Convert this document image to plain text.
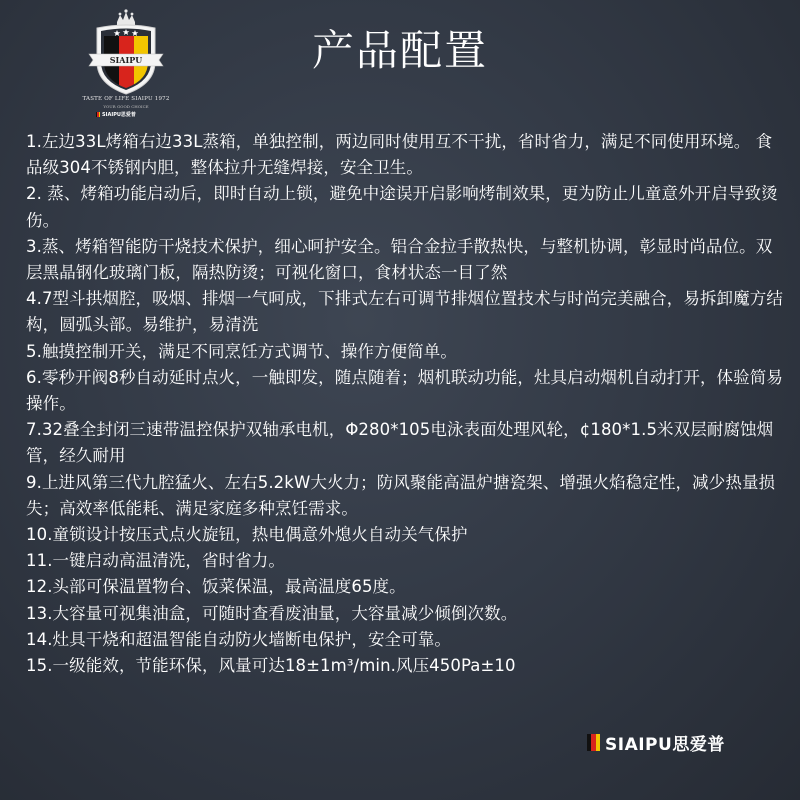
SIAIPU
TASTE OF LIFE SIAIPU 1972
YOUR GOOD CHOICE
SIAIPU思爱普
产品配置
1.左边33L烤箱右边33L蒸箱，单独控制，两边同时使用互不干扰，省时省力，满足不同使用环境。 食品级304不锈钢内胆，整体拉升无缝焊接，安全卫生。
2. 蒸、烤箱功能启动后，即时自动上锁，避免中途误开启影响烤制效果，更为防止儿童意外开启导致烫伤。
3.蒸、烤箱智能防干烧技术保护，细心呵护安全。铝合金拉手散热快，与整机协调，彰显时尚品位。双层黑晶钢化玻璃门板，隔热防烫；可视化窗口，食材状态一目了然
4.7型斗拱烟腔，吸烟、排烟一气呵成，下排式左右可调节排烟位置技术与时尚完美融合，易拆卸魔方结构，圆弧头部。易维护，易清洗
5.触摸控制开关，满足不同烹饪方式调节、操作方便简单。
6.零秒开阀8秒自动延时点火，一触即发，随点随着；烟机联动功能，灶具启动烟机自动打开，体验简易操作。
7.32叠全封闭三速带温控保护双轴承电机，Φ280*105电泳表面处理风轮，¢180*1.5米双层耐腐蚀烟管，经久耐用
9.上进风第三代九腔猛火、左右5.2kW大火力；防风聚能高温炉搪瓷架、增强火焰稳定性，减少热量损失；高效率低能耗、满足家庭多种烹饪需求。
10.童锁设计按压式点火旋钮，热电偶意外熄火自动关气保护
11.一键启动高温清洗，省时省力。
12.头部可保温置物台、饭菜保温，最高温度65度。
13.大容量可视集油盒，可随时查看废油量，大容量减少倾倒次数。
14.灶具干烧和超温智能自动防火墙断电保护，安全可靠。
15.一级能效，节能环保，风量可达18±1m³/min.风压450Pa±10
SIAIPU思爱普
